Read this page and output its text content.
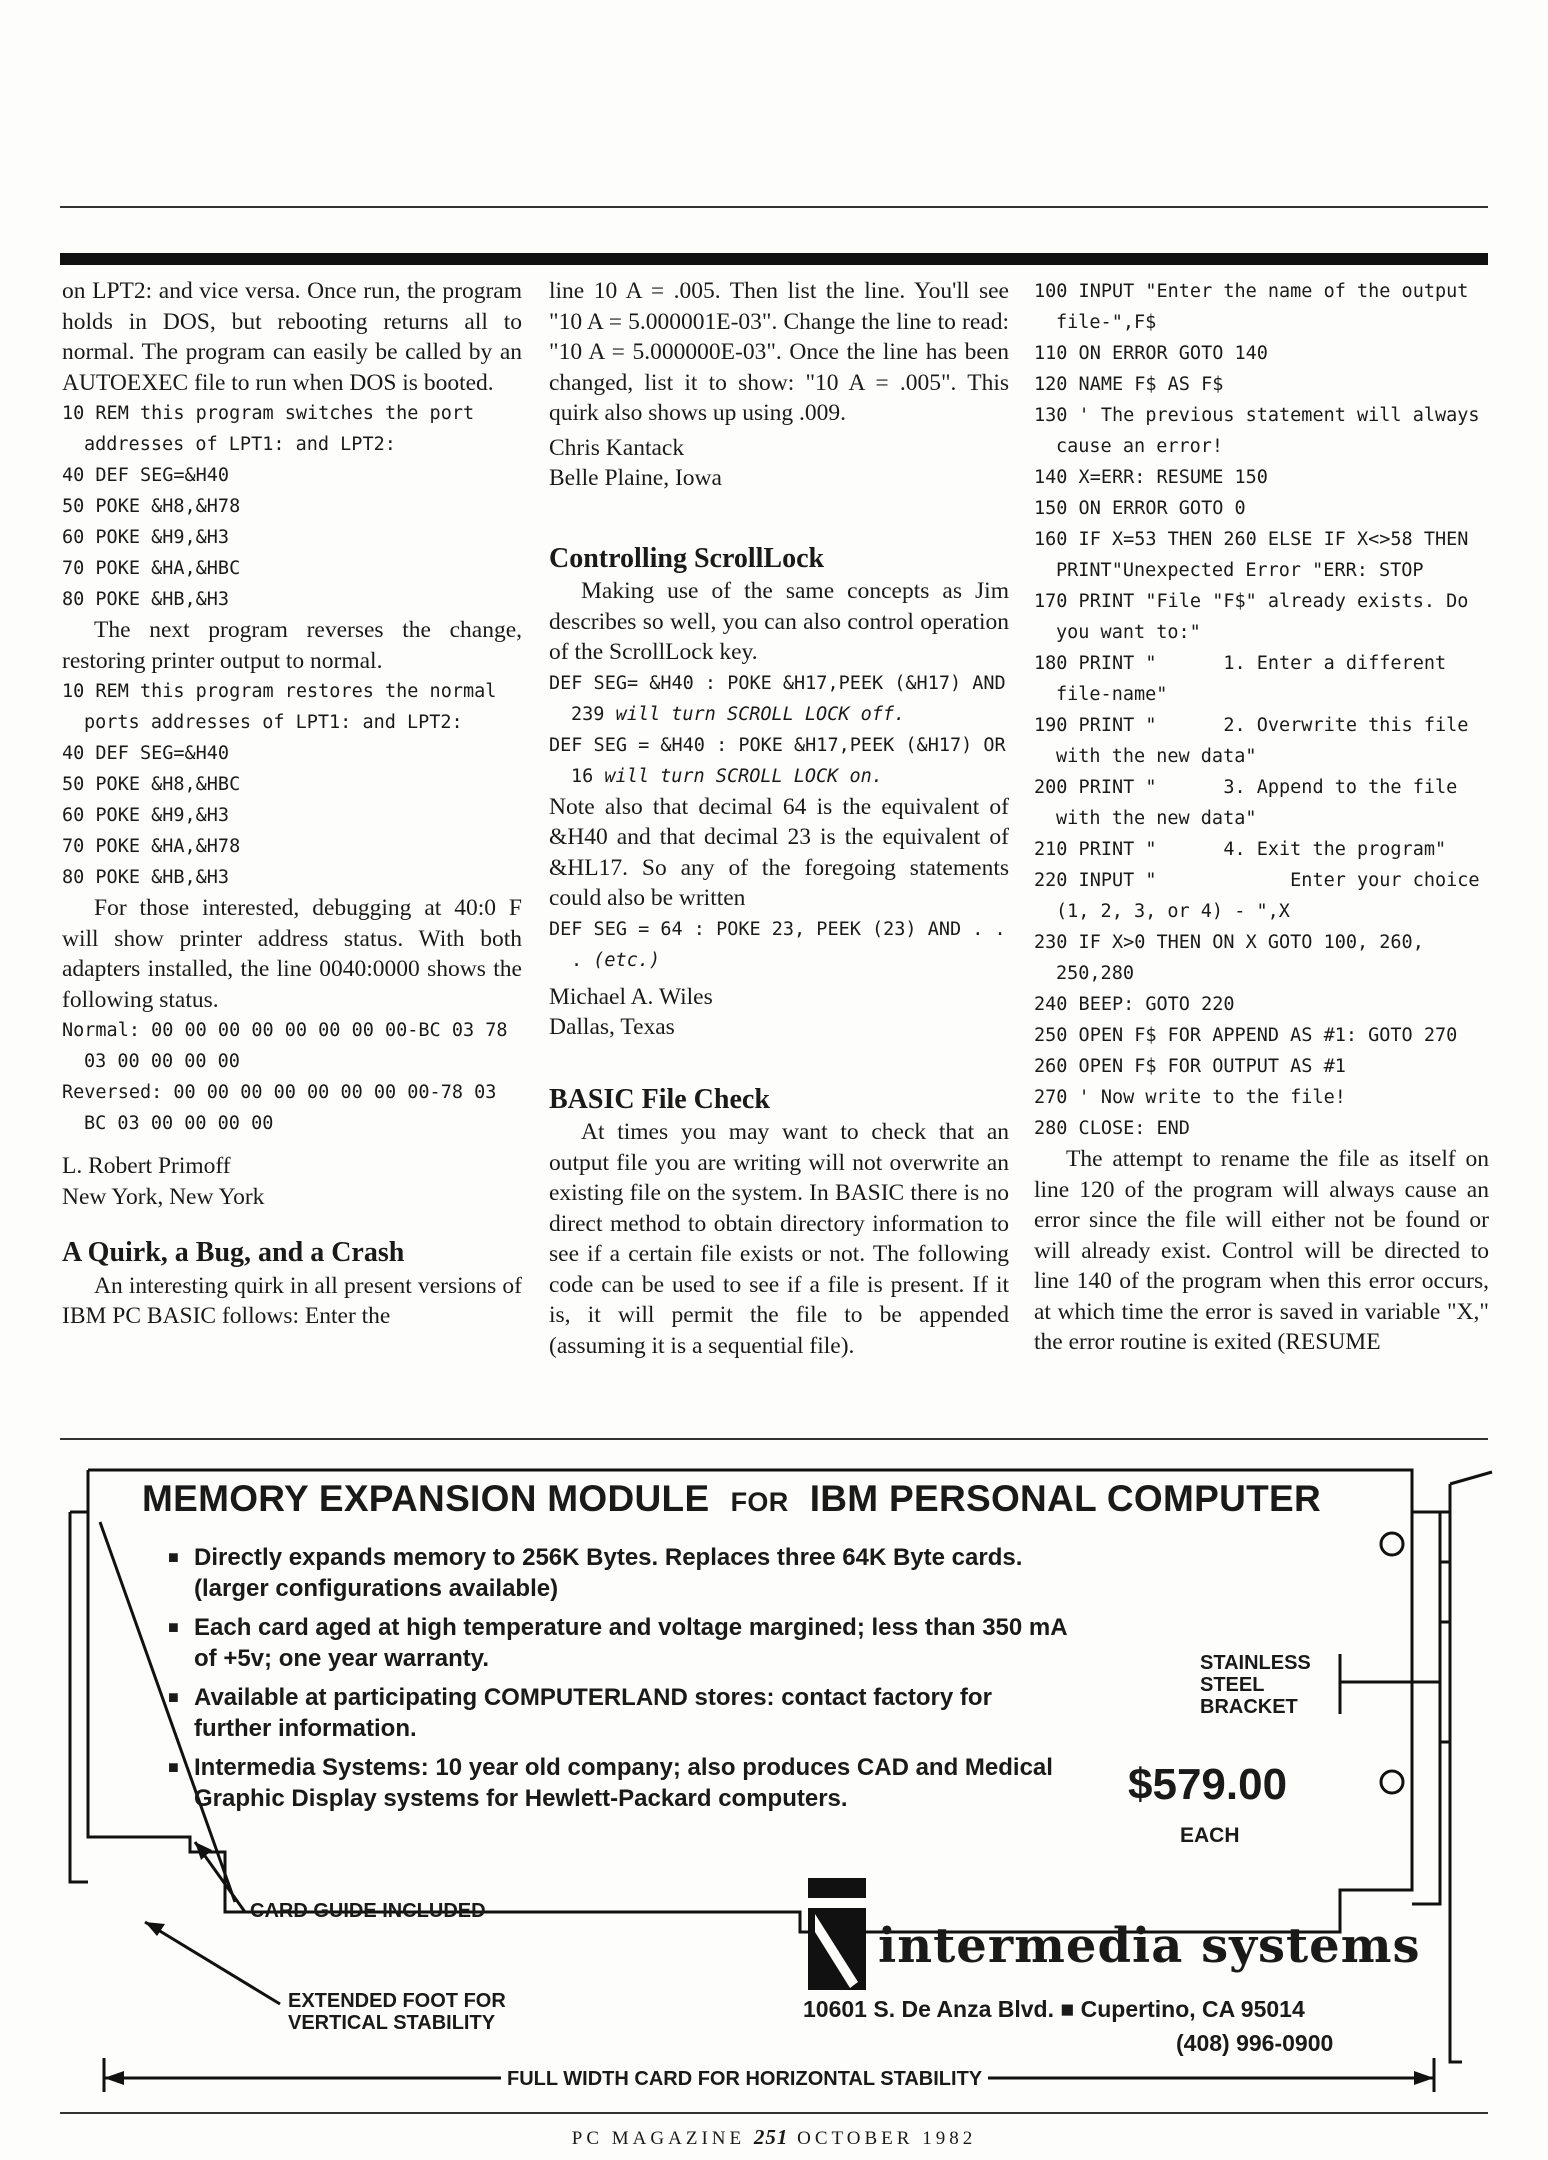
on LPT2: and vice versa. Once run, the program holds in DOS, but rebooting returns all to normal. The program can easily be called by an AUTOEXEC file to run when DOS is booted.

10 REM this program switches the port addresses of LPT1: and LPT2:
40 DEF SEG=&H40
50 POKE &H8,&H78
60 POKE &H9,&H3
70 POKE &HA,&HBC
80 POKE &HB,&H3

The next program reverses the change, restoring printer output to normal.

10 REM this program restores the normal ports addresses of LPT1: and LPT2:
40 DEF SEG=&H40
50 POKE &H8,&HBC
60 POKE &H9,&H3
70 POKE &HA,&H78
80 POKE &HB,&H3

For those interested, debugging at 40:0 F will show printer address status. With both adapters installed, the line 0040:0000 shows the following status.

Normal: 00 00 00 00 00 00 00 00-BC 03 78 03 00 00 00 00
Reversed: 00 00 00 00 00 00 00 00-78 03 BC 03 00 00 00 00

L. Robert Primoff

New York, New York

A Quirk, a Bug, and a Crash

An interesting quirk in all present versions of IBM PC BASIC follows: Enter the

line 10 A = .005. Then list the line. You'll see "10 A = 5.000001E-03". Change the line to read: "10 A = 5.000000E-03". Once the line has been changed, list it to show: "10 A = .005". This quirk also shows up using .009.

Chris Kantack

Belle Plaine, Iowa

Controlling ScrollLock

Making use of the same concepts as Jim describes so well, you can also control operation of the ScrollLock key.

DEF SEG= &H40 : POKE &H17,PEEK (&H17) AND 239 will turn SCROLL LOCK off.
DEF SEG = &H40 : POKE &H17,PEEK (&H17) OR 16 will turn SCROLL LOCK on.

Note also that decimal 64 is the equivalent of &H40 and that decimal 23 is the equivalent of &HL17. So any of the foregoing statements could also be written

DEF SEG = 64 : POKE 23, PEEK (23) AND . . . (etc.)

Michael A. Wiles

Dallas, Texas

BASIC File Check

At times you may want to check that an output file you are writing will not overwrite an existing file on the system. In BASIC there is no direct method to obtain directory information to see if a certain file exists or not. The following code can be used to see if a file is present. If it is, it will permit the file to be appended (assuming it is a sequential file).

100 INPUT "Enter the name of the output file-",F$
110 ON ERROR GOTO 140
120 NAME F$ AS F$
130 ' The previous statement will always cause an error!
140 X=ERR: RESUME 150
150 ON ERROR GOTO 0
160 IF X=53 THEN 260 ELSE IF X<>58 THEN PRINT"Unexpected Error "ERR: STOP
170 PRINT "File "F$" already exists. Do you want to:"
180 PRINT "      1. Enter a different file-name"
190 PRINT "      2. Overwrite this file with the new data"
200 PRINT "      3. Append to the file with the new data"
210 PRINT "      4. Exit the program"
220 INPUT "            Enter your choice (1, 2, 3, or 4) - ",X
230 IF X>0 THEN ON X GOTO 100, 260, 250,280
240 BEEP: GOTO 220
250 OPEN F$ FOR APPEND AS #1: GOTO 270
260 OPEN F$ FOR OUTPUT AS #1
270 ' Now write to the file!
280 CLOSE: END

The attempt to rename the file as itself on line 120 of the program will always cause an error since the file will either not be found or will already exist. Control will be directed to line 140 of the program when this error occurs, at which time the error is saved in variable "X," the error routine is exited (RESUME

MEMORY EXPANSION MODULE FOR IBM PERSONAL COMPUTER
■ Directly expands memory to 256K Bytes. Replaces three 64K Byte cards. (larger configurations available)
■ Each card aged at high temperature and voltage margined; less than 350 mA of +5v; one year warranty.
■ Available at participating COMPUTERLAND stores: contact factory for further information.
■ Intermedia Systems: 10 year old company; also produces CAD and Medical Graphic Display systems for Hewlett-Packard computers.
STAINLESS
STEEL
BRACKET
$579.00
EACH
CARD GUIDE INCLUDED
EXTENDED FOOT FOR
VERTICAL STABILITY
intermedia systems
10601 S. De Anza Blvd. ■ Cupertino, CA 95014
(408) 996-0900
FULL WIDTH CARD FOR HORIZONTAL STABILITY
PC MAGAZINE 251 OCTOBER 1982
